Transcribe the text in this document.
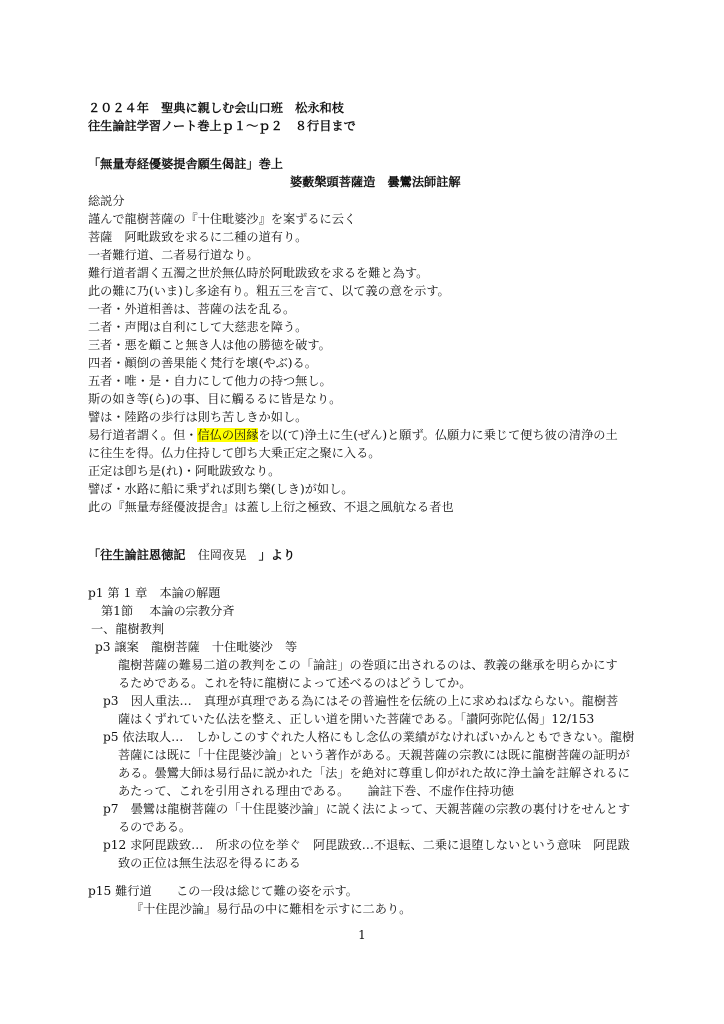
２０２４年　聖典に親しむ会山口班　松永和枝
往生論註学習ノート巻上ｐ１～ｐ２　８行目まで
「無量寿経優婆提舎願生偈註」巻上
婆藪槃頭菩薩造　曇鸞法師註解
総説分
謹んで龍樹菩薩の『十住毗婆沙』を案ずるに云く
菩薩　阿毗跋致を求るに二種の道有り。
一者難行道、二者易行道なり。
難行道者謂く五濁之世於無仏時於阿毗跋致を求るを難と為す。
此の難に乃(いま)し多途有り。粗五三を言て、以て義の意を示す。
一者・外道相善は、菩薩の法を乱る。
二者・声聞は自利にして大慈悲を障う。
三者・悪を顧こと無き人は他の勝徳を破す。
四者・顚倒の善果能く梵行を壞(やぶ)る。
五者・唯・是・自力にして他力の持つ無し。
斯の如き等(ら)の事、目に觸るるに皆是なり。
譬は・陸路の歩行は則ち苦しきか如し。
易行道者謂く。但・信仏の因縁を以(て)浄土に生(ぜん)と願ず。仏願力に乗じて便ち彼の清浄の土
に往生を得。仏力住持して卽ち大乗正定之聚に入る。
正定は卽ち是(れ)・阿毗跋致なり。
譬ば・水路に船に乗ずれば則ち樂(しき)が如し。
此の『無量寿経優波提舎』は蓋し上衍之極致、不退之風航なる者也
「往生論註恩徳記  住岡夜晃  」より
p1 第 1 章　本論の解題
第1節　 本論の宗教分斉
一、龍樹教判
p3 譲案　龍樹菩薩　十住毗婆沙　等
龍樹菩薩の難易二道の教判をこの「論註」の巻頭に出されるのは、教義の継承を明らかにす
るためである。これを特に龍樹によって述べるのはどうしてか。
p3　因人重法…　真理が真理である為にはその普遍性を伝統の上に求めねばならない。龍樹菩
薩はくずれていた仏法を整え、正しい道を開いた菩薩である。「讃阿弥陀仏偈」12/153
p5 依法取人…　しかしこのすぐれた人格にもし念仏の業績がなければいかんともできない。龍樹
菩薩には既に「十住毘婆沙論」という著作がある。天親菩薩の宗教には既に龍樹菩薩の証明が
ある。曇鸞大師は易行品に説かれた「法」を絶対に尊重し仰がれた故に浄土論を註解されるに
あたって、これを引用される理由である。　　論註下巻、不虚作住持功徳
p7　曇鸞は龍樹菩薩の「十住毘婆沙論」に説く法によって、天親菩薩の宗教の裏付けをせんとす
るのである。
p12 求阿毘跋致…　所求の位を挙ぐ　阿毘跋致…不退転、二乗に退堕しないという意味　阿毘跋
致の正位は無生法忍を得るにある
p15 難行道　　この一段は総じて難の姿を示す。
『十住毘沙論』易行品の中に難相を示すに二あり。
1
